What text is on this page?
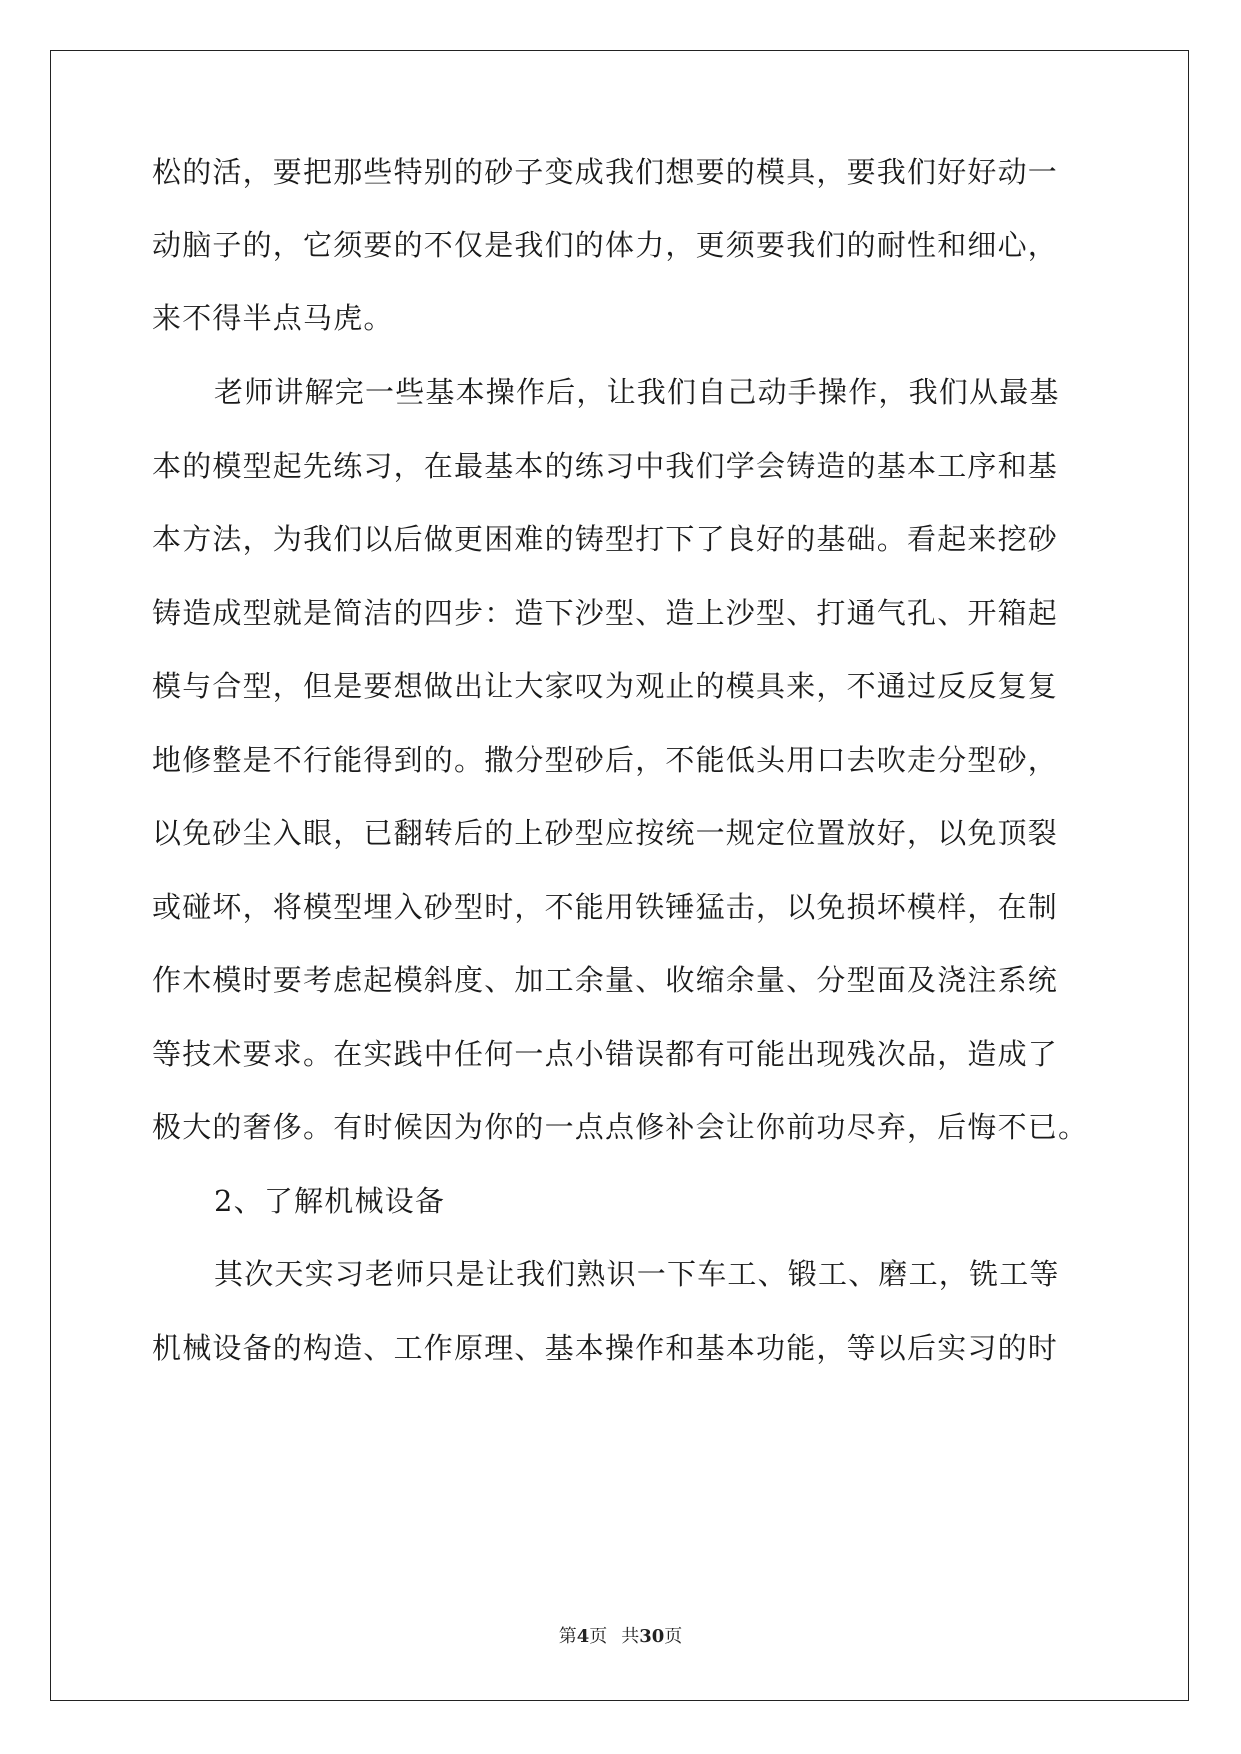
松的活，要把那些特别的砂子变成我们想要的模具，要我们好好动一
动脑子的，它须要的不仅是我们的体力，更须要我们的耐性和细心，
来不得半点马虎。
老师讲解完一些基本操作后，让我们自己动手操作，我们从最基
本的模型起先练习，在最基本的练习中我们学会铸造的基本工序和基
本方法，为我们以后做更困难的铸型打下了良好的基础。看起来挖砂
铸造成型就是简洁的四步：造下沙型、造上沙型、打通气孔、开箱起
模与合型，但是要想做出让大家叹为观止的模具来，不通过反反复复
地修整是不行能得到的。撒分型砂后，不能低头用口去吹走分型砂，
以免砂尘入眼，已翻转后的上砂型应按统一规定位置放好，以免顶裂
或碰坏，将模型埋入砂型时，不能用铁锤猛击，以免损坏模样，在制
作木模时要考虑起模斜度、加工余量、收缩余量、分型面及浇注系统
等技术要求。在实践中任何一点小错误都有可能出现残次品，造成了
极大的奢侈。有时候因为你的一点点修补会让你前功尽弃，后悔不已。
2、了解机械设备
其次天实习老师只是让我们熟识一下车工、锻工、磨工，铣工等
机械设备的构造、工作原理、基本操作和基本功能，等以后实习的时
第4页 共30页
